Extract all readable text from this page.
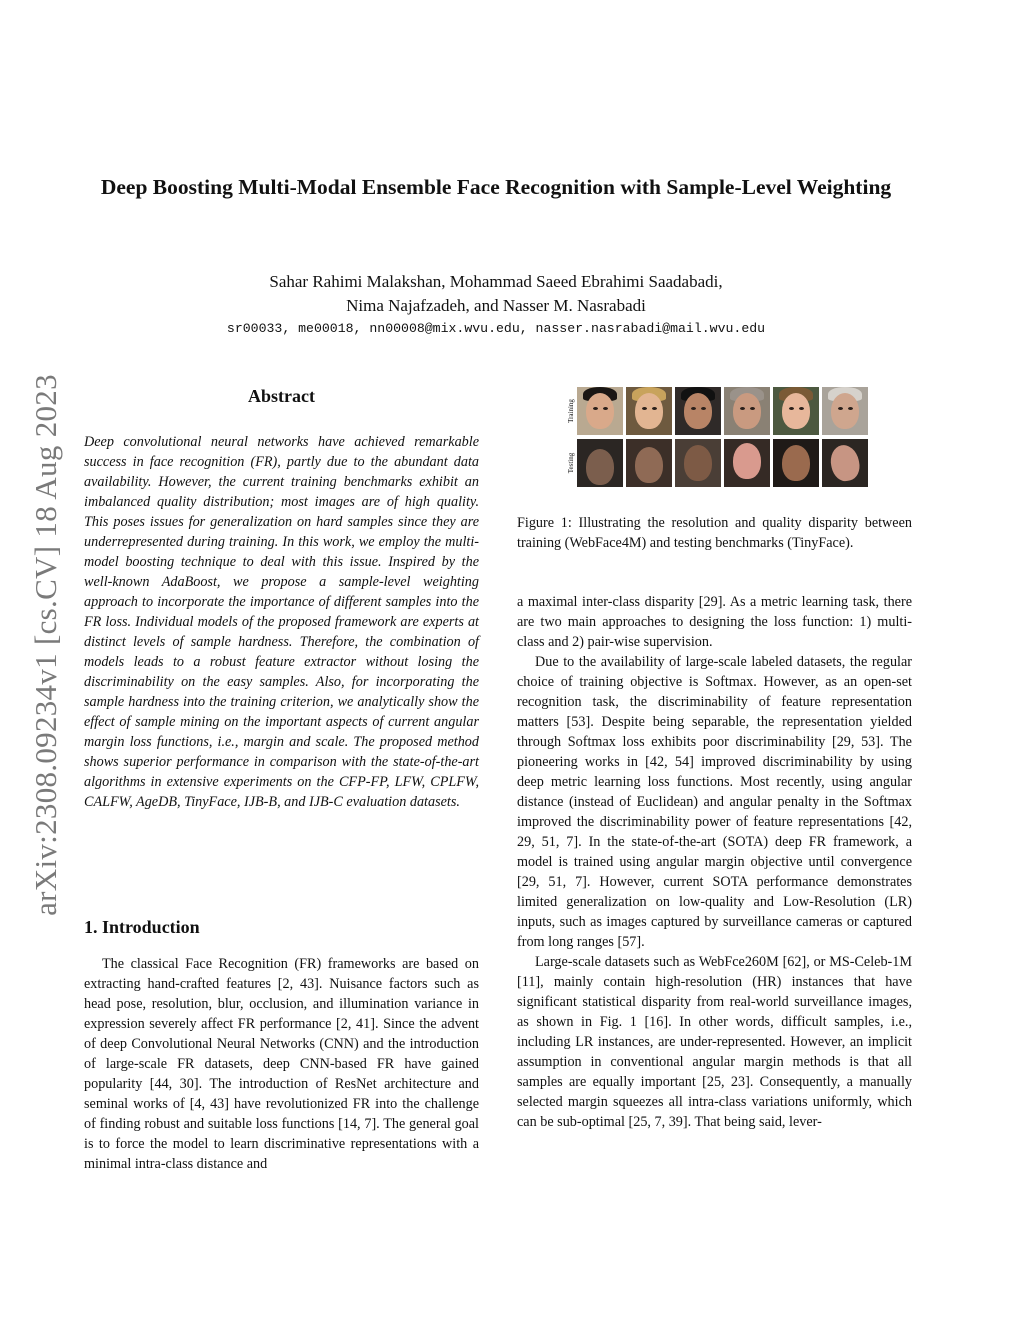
arXiv:2308.09234v1 [cs.CV] 18 Aug 2023
Deep Boosting Multi-Modal Ensemble Face Recognition with Sample-Level Weighting
Sahar Rahimi Malakshan, Mohammad Saeed Ebrahimi Saadabadi,
Nima Najafzadeh, and Nasser M. Nasrabadi
sr00033, me00018, nn00008@mix.wvu.edu, nasser.nasrabadi@mail.wvu.edu
Abstract

Deep convolutional neural networks have achieved remarkable success in face recognition (FR), partly due to the abundant data availability. However, the current training benchmarks exhibit an imbalanced quality distribution; most images are of high quality. This poses issues for generalization on hard samples since they are underrepresented during training. In this work, we employ the multi-model boosting technique to deal with this issue. Inspired by the well-known AdaBoost, we propose a sample-level weighting approach to incorporate the importance of different samples into the FR loss. Individual models of the proposed framework are experts at distinct levels of sample hardness. Therefore, the combination of models leads to a robust feature extractor without losing the discriminability on the easy samples. Also, for incorporating the sample hardness into the training criterion, we analytically show the effect of sample mining on the important aspects of current angular margin loss functions, i.e., margin and scale. The proposed method shows superior performance in comparison with the state-of-the-art algorithms in extensive experiments on the CFP-FP, LFW, CPLFW, CALFW, AgeDB, TinyFace, IJB-B, and IJB-C evaluation datasets.

1. Introduction

The classical Face Recognition (FR) frameworks are based on extracting hand-crafted features [2, 43]. Nuisance factors such as head pose, resolution, blur, occlusion, and illumination variance in expression severely affect FR performance [2, 41]. Since the advent of deep Convolutional Neural Networks (CNN) and the introduction of large-scale FR datasets, deep CNN-based FR have gained popularity [44, 30]. The introduction of ResNet architecture and seminal works of [4, 43] have revolutionized FR into the challenge of finding robust and suitable loss functions [14, 7]. The general goal is to force the model to learn discriminative representations with a minimal intra-class distance and

Training
Testing
Figure 1: Illustrating the resolution and quality disparity between training (WebFace4M) and testing benchmarks (TinyFace).

a maximal inter-class disparity [29]. As a metric learning task, there are two main approaches to designing the loss function: 1) multi-class and 2) pair-wise supervision.

Due to the availability of large-scale labeled datasets, the regular choice of training objective is Softmax. However, as an open-set recognition task, the discriminability of feature representation matters [53]. Despite being separable, the representation yielded through Softmax loss exhibits poor discriminability [29, 53]. The pioneering works in [42, 54] improved discriminability by using deep metric learning loss functions. Most recently, using angular distance (instead of Euclidean) and angular penalty in the Softmax improved the discriminability power of feature representations [42, 29, 51, 7]. In the state-of-the-art (SOTA) deep FR framework, a model is trained using angular margin objective until convergence [29, 51, 7]. However, current SOTA performance demonstrates limited generalization on low-quality and Low-Resolution (LR) inputs, such as images captured by surveillance cameras or captured from long ranges [57].

Large-scale datasets such as WebFce260M [62], or MS-Celeb-1M [11], mainly contain high-resolution (HR) instances that have significant statistical disparity from real-world surveillance images, as shown in Fig. 1 [16]. In other words, difficult samples, i.e., including LR instances, are under-represented. However, an implicit assumption in conventional angular margin methods is that all samples are equally important [25, 23]. Consequently, a manually selected margin squeezes all intra-class variations uniformly, which can be sub-optimal [25, 7, 39]. That being said, lever-
